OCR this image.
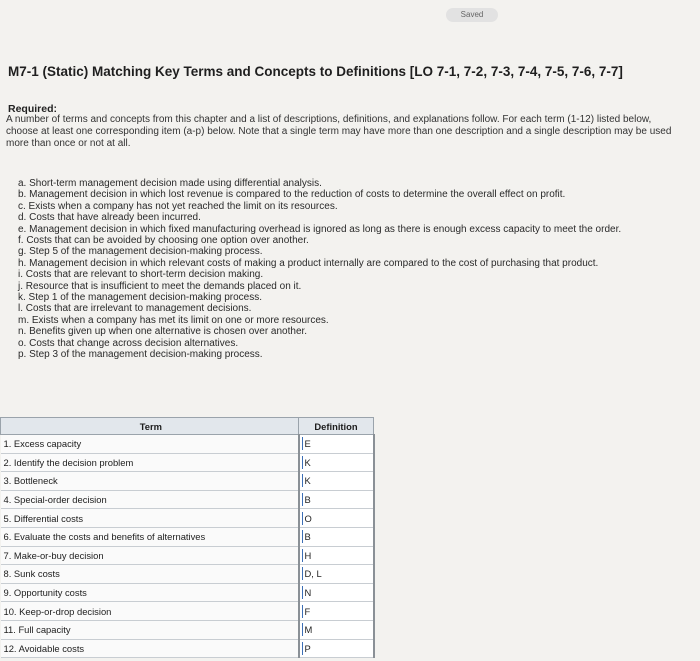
Saved
M7-1 (Static) Matching Key Terms and Concepts to Definitions [LO 7-1, 7-2, 7-3, 7-4, 7-5, 7-6, 7-7]
Required:

A number of terms and concepts from this chapter and a list of descriptions, definitions, and explanations follow. For each term (1-12) listed below, choose at least one corresponding item (a-p) below. Note that a single term may have more than one description and a single description may be used more than once or not at all.

a. Short-term management decision made using differential analysis.
b. Management decision in which lost revenue is compared to the reduction of costs to determine the overall effect on profit.
c. Exists when a company has not yet reached the limit on its resources.
d. Costs that have already been incurred.
e. Management decision in which fixed manufacturing overhead is ignored as long as there is enough excess capacity to meet the order.
f. Costs that can be avoided by choosing one option over another.
g. Step 5 of the management decision-making process.
h. Management decision in which relevant costs of making a product internally are compared to the cost of purchasing that product.
i. Costs that are relevant to short-term decision making.
j. Resource that is insufficient to meet the demands placed on it.
k. Step 1 of the management decision-making process.
l. Costs that are irrelevant to management decisions.
m. Exists when a company has met its limit on one or more resources.
n. Benefits given up when one alternative is chosen over another.
o. Costs that change across decision alternatives.
p. Step 3 of the management decision-making process.
Term	Definition
1. Excess capacity	E
2. Identify the decision problem	K
3. Bottleneck	K
4. Special-order decision	B
5. Differential costs	O
6. Evaluate the costs and benefits of alternatives	B
7. Make-or-buy decision	H
8. Sunk costs	D, L
9. Opportunity costs	N
10. Keep-or-drop decision	F
11. Full capacity	M
12. Avoidable costs	P
